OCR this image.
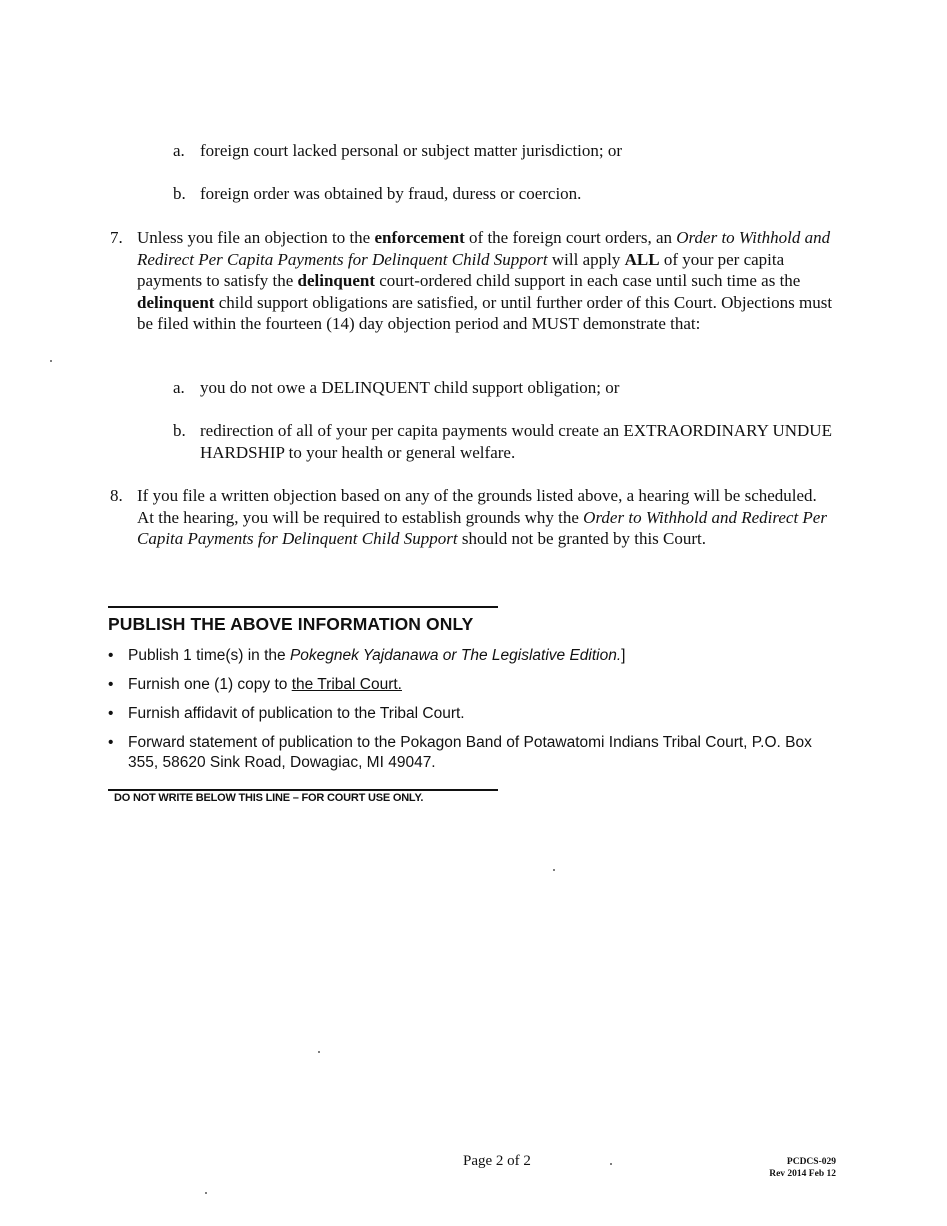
a. foreign court lacked personal or subject matter jurisdiction; or
b. foreign order was obtained by fraud, duress or coercion.
7. Unless you file an objection to the enforcement of the foreign court orders, an Order to Withhold and Redirect Per Capita Payments for Delinquent Child Support will apply ALL of your per capita payments to satisfy the delinquent court-ordered child support in each case until such time as the delinquent child support obligations are satisfied, or until further order of this Court. Objections must be filed within the fourteen (14) day objection period and MUST demonstrate that:
a. you do not owe a DELINQUENT child support obligation; or
b. redirection of all of your per capita payments would create an EXTRAORDINARY UNDUE HARDSHIP to your health or general welfare.
8. If you file a written objection based on any of the grounds listed above, a hearing will be scheduled. At the hearing, you will be required to establish grounds why the Order to Withhold and Redirect Per Capita Payments for Delinquent Child Support should not be granted by this Court.
PUBLISH THE ABOVE INFORMATION ONLY
• Publish 1 time(s) in the Pokegnek Yajdanawa or The Legislative Edition.]
• Furnish one (1) copy to the Tribal Court.
• Furnish affidavit of publication to the Tribal Court.
• Forward statement of publication to the Pokagon Band of Potawatomi Indians Tribal Court, P.O. Box 355, 58620 Sink Road, Dowagiac, MI 49047.
DO NOT WRITE BELOW THIS LINE – FOR COURT USE ONLY.
Page 2 of 2	PCDCS-029
Rev 2014 Feb 12
